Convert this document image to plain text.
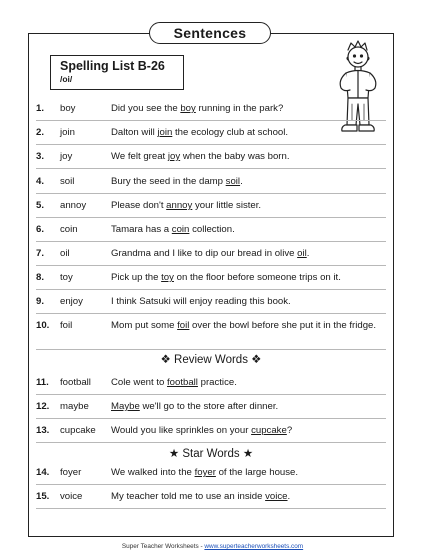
Sentences
Spelling List B-26
/oi/
1.	boy	Did you see the boy running in the park?
2.	join	Dalton will join the ecology club at school.
3.	joy	We felt great joy when the baby was born.
4.	soil	Bury the seed in the damp soil.
5.	annoy	Please don't annoy your little sister.
6.	coin	Tamara has a coin collection.
7.	oil	Grandma and I like to dip our bread in olive oil.
8.	toy	Pick up the toy on the floor before someone trips on it.
9.	enjoy	I think Satsuki will enjoy reading this book.
10.	foil	Mom put some foil over the bowl before she put it in the fridge.
❖ Review Words ❖
11.	football	Cole went to football practice.
12.	maybe	Maybe we'll go to the store after dinner.
13.	cupcake	Would you like sprinkles on your cupcake?
★ Star Words ★
14.	foyer	We walked into the foyer of the large house.
15.	voice	My teacher told me to use an inside voice.
Super Teacher Worksheets - www.superteacherworksheets.com
